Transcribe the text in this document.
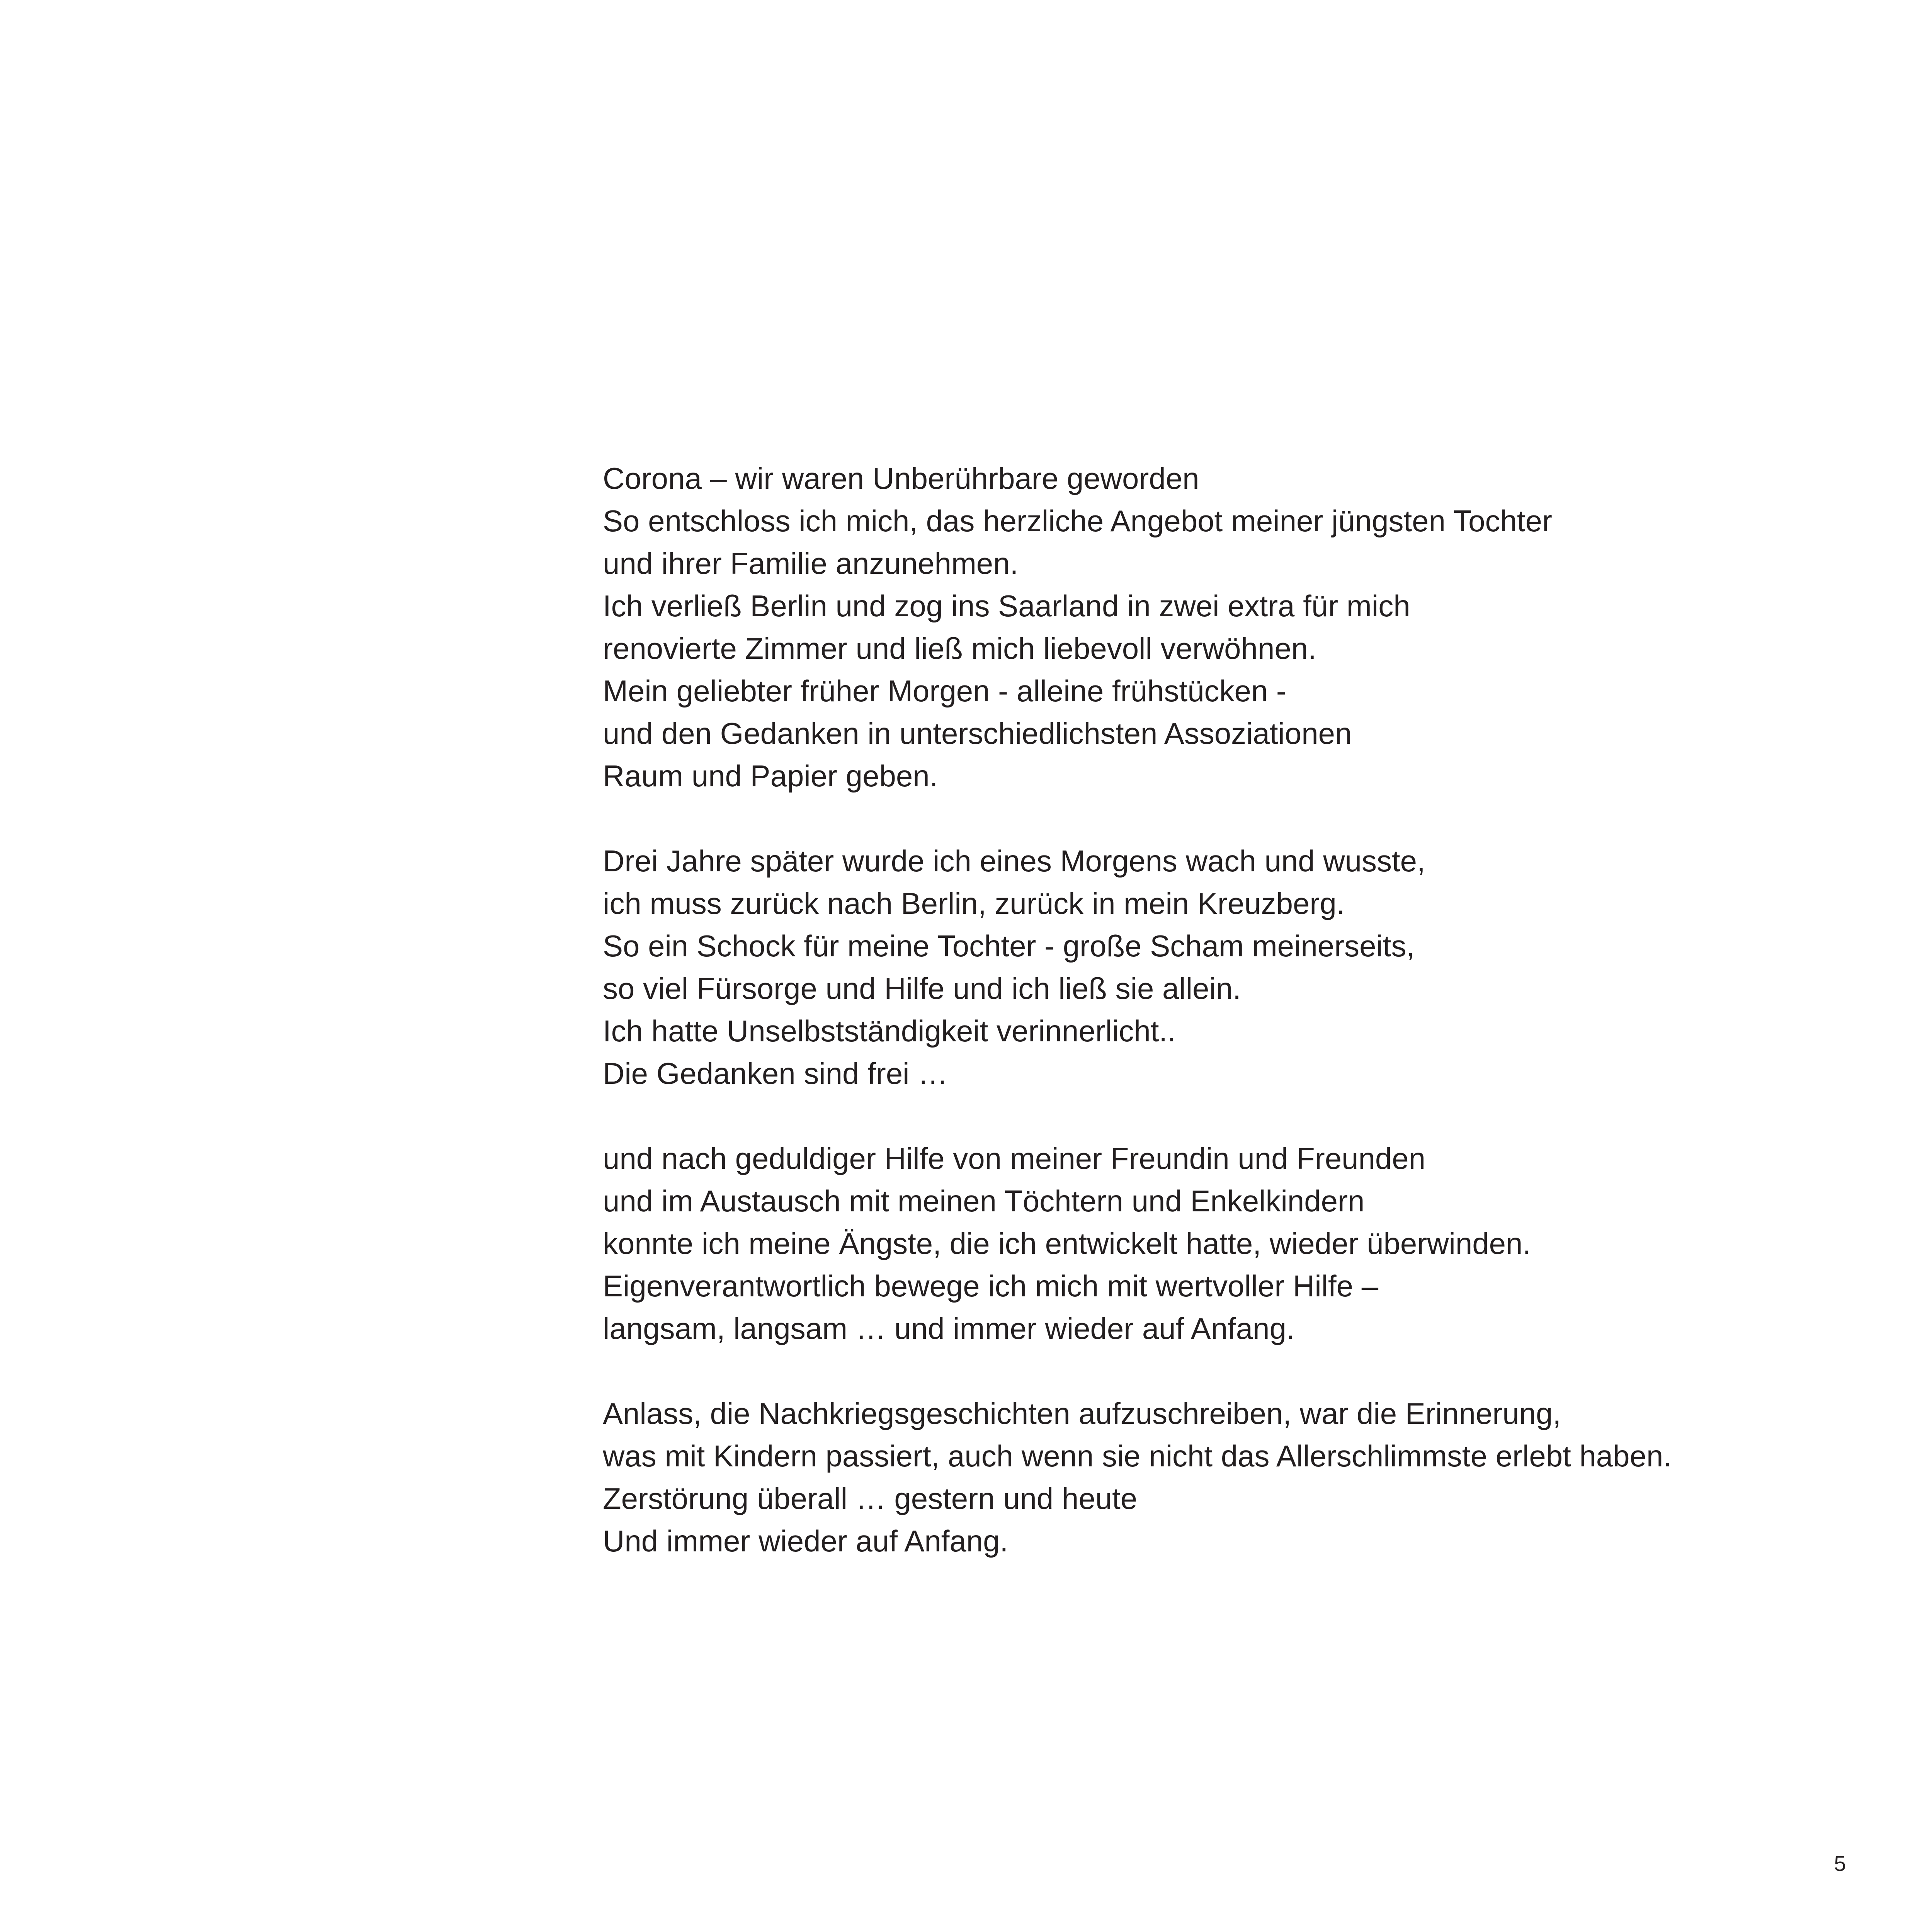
Corona – wir waren Unberührbare geworden
So entschloss ich mich, das herzliche Angebot meiner jüngsten Tochter
und ihrer Familie anzunehmen.
Ich verließ Berlin und zog ins Saarland in zwei extra für mich
renovierte Zimmer und ließ mich liebevoll verwöhnen.
Mein geliebter früher Morgen - alleine frühstücken -
und den Gedanken in unterschiedlichsten Assoziationen
Raum und Papier geben.
Drei Jahre später wurde ich eines Morgens wach und wusste,
ich muss zurück nach Berlin, zurück in mein Kreuzberg.
So ein Schock für meine Tochter - große Scham meinerseits,
so viel Fürsorge und Hilfe und ich ließ sie allein.
Ich hatte Unselbstständigkeit verinnerlicht..
Die Gedanken sind frei …
und nach geduldiger Hilfe von meiner Freundin und Freunden
und im Austausch mit meinen Töchtern und Enkelkindern
konnte ich meine Ängste, die ich entwickelt hatte, wieder überwinden.
Eigenverantwortlich bewege ich mich mit wertvoller Hilfe –
langsam, langsam … und immer wieder auf Anfang.
Anlass, die Nachkriegsgeschichten aufzuschreiben, war die Erinnerung,
was mit Kindern passiert, auch wenn sie nicht das Allerschlimmste erlebt haben.
Zerstörung überall … gestern und heute
Und immer wieder auf Anfang.
5
